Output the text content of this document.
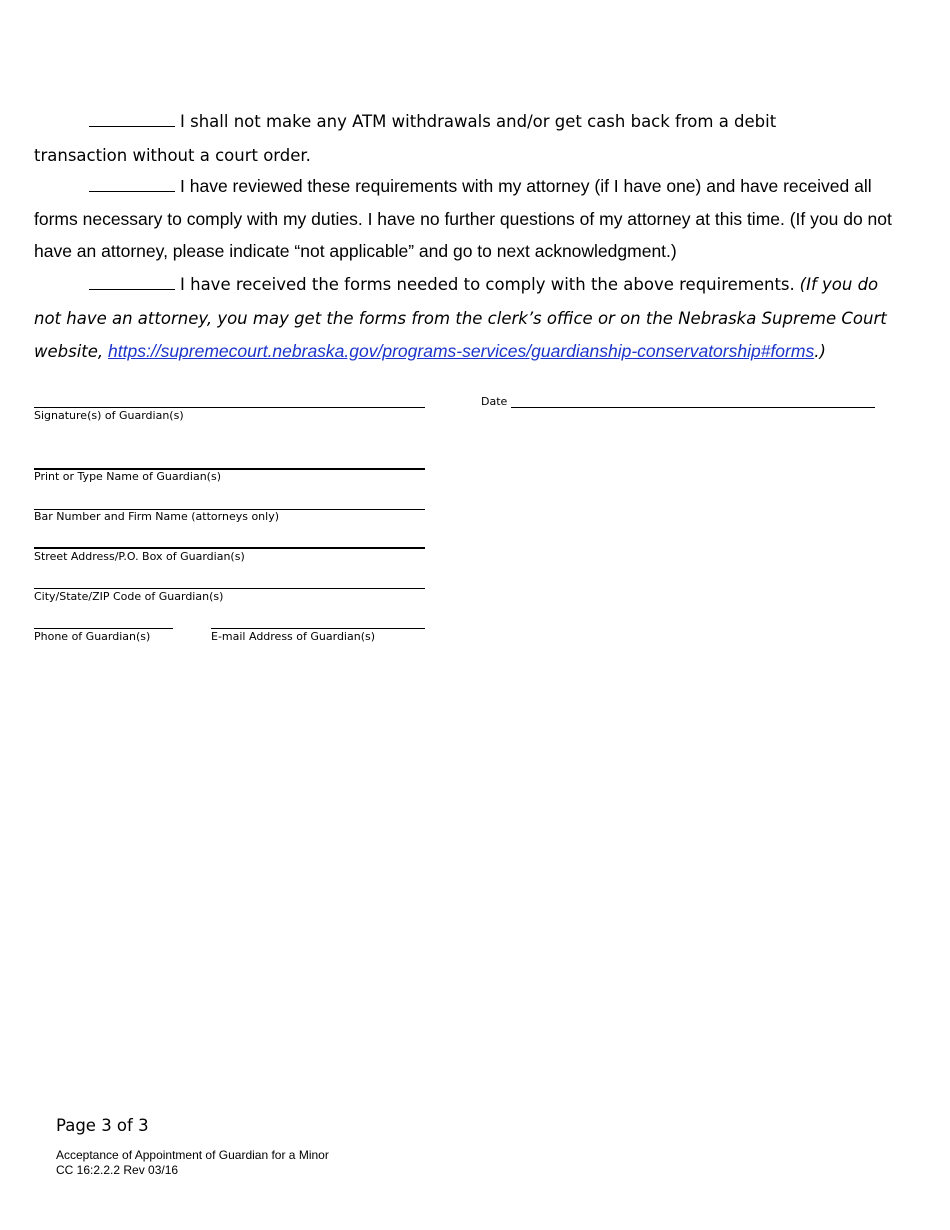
I shall not make any ATM withdrawals and/or get cash back from a debit
transaction without a court order.

I have reviewed these requirements with my attorney (if I have one) and have received all forms necessary to comply with my duties. I have no further questions of my attorney at this time. (If you do not have an attorney, please indicate “not applicable” and go to next acknowledgment.)

I have received the forms needed to comply with the above requirements. (If you do not have an attorney, you may get the forms from the clerk’s office or on the Nebraska Supreme Court website, https://supremecourt.nebraska.gov/programs-services/guardianship-conservatorship#forms.)

Signature(s) of Guardian(s)
Date
Print or Type Name of Guardian(s)
Bar Number and Firm Name (attorneys only)
Street Address/P.O. Box of Guardian(s)
City/State/ZIP Code of Guardian(s)
Phone of Guardian(s)	E-mail Address of Guardian(s)
Page 3 of 3
Acceptance of Appointment of Guardian for a Minor
CC 16:2.2.2 Rev 03/16
